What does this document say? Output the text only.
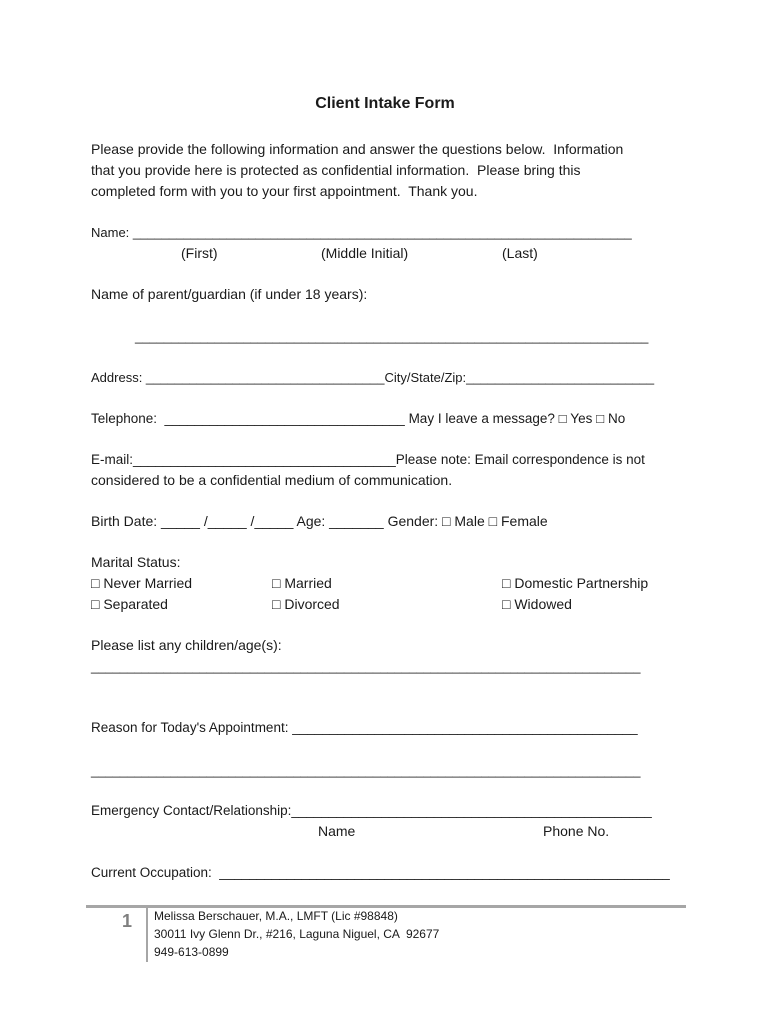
Client Intake Form
Please provide the following information and answer the questions below.  Information
that you provide here is protected as confidential information.  Please bring this
completed form with you to your first appointment.  Thank you.
Name: _____________________________________________________________________
(First)	(Middle Initial)	(Last)
Name of parent/guardian (if under 18 years):
_______________________________________________________________________
Address: _________________________________City/State/Zip:__________________________
Telephone:  ________________________________ May I leave a message? □ Yes □ No
E-mail:___________________________________Please note: Email correspondence is not
considered to be a confidential medium of communication.
Birth Date: _____ /_____ /_____ Age: _______ Gender: □ Male □ Female
Marital Status:
□ Never Married	□ Married	□ Domestic Partnership
□ Separated	□ Divorced	□ Widowed
Please list any children/age(s):
____________________________________________________________________________
Reason for Today's Appointment: ______________________________________________
____________________________________________________________________________
Emergency Contact/Relationship:________________________________________________
Name	Phone No.
Current Occupation:  ____________________________________________________________
1 Melissa Berschauer, M.A., LMFT (Lic #98848)
30011 Ivy Glenn Dr., #216, Laguna Niguel, CA  92677
949-613-0899
